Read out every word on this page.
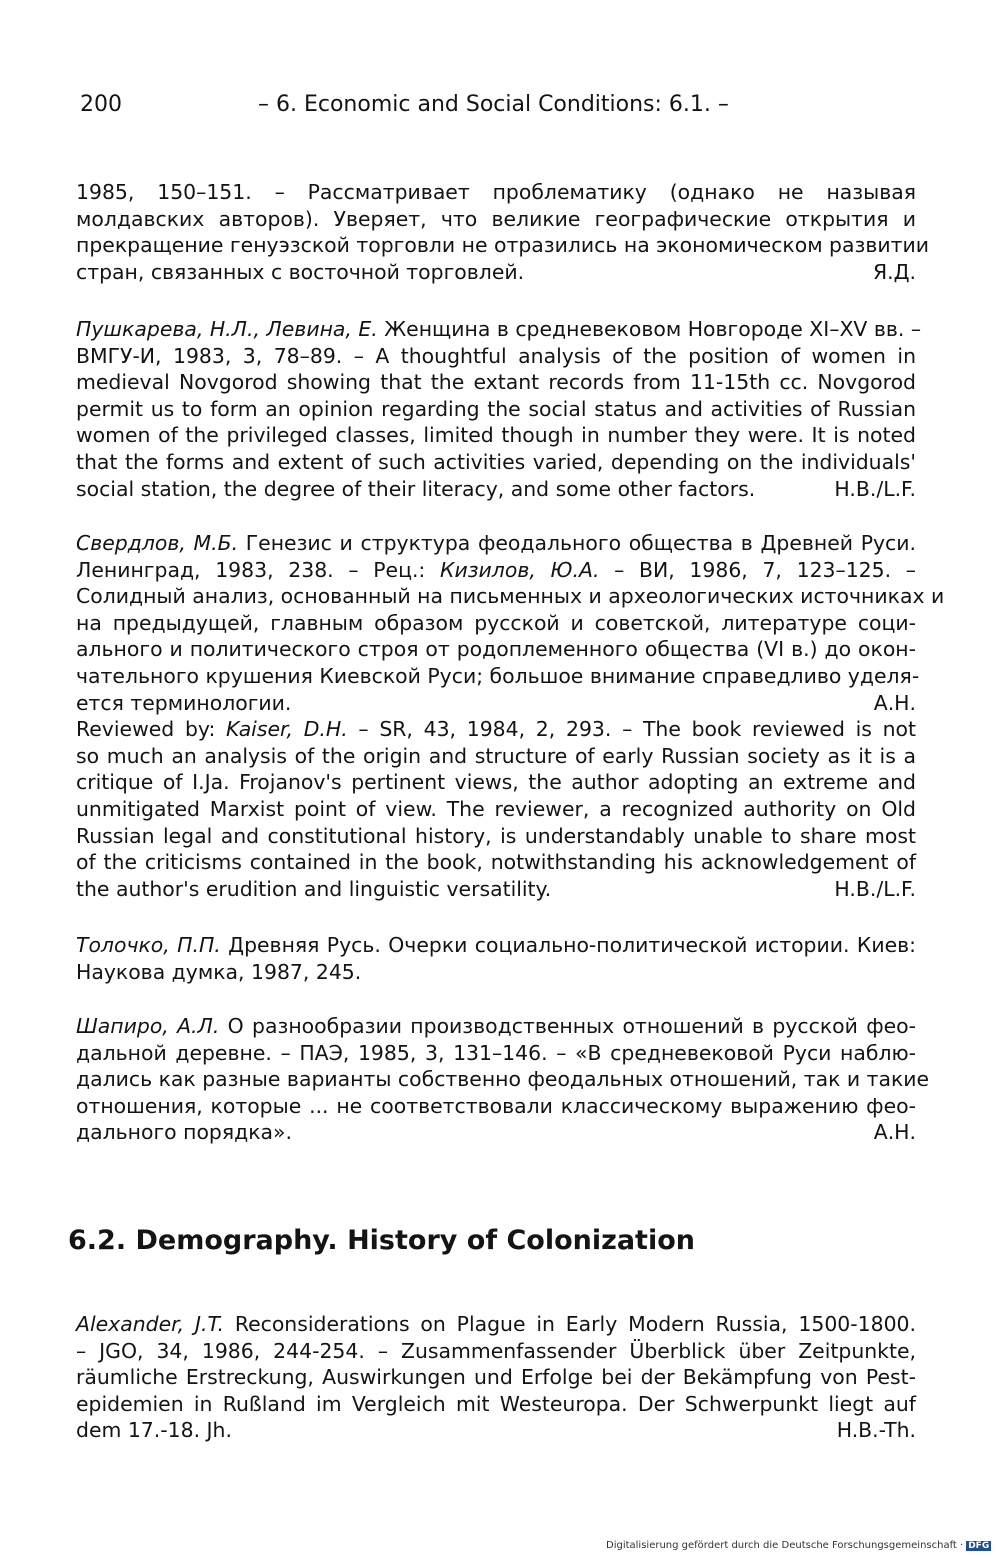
200	– 6. Economic and Social Conditions: 6.1. –
1985, 150–151. – Рассматривает проблематику (однако не называя
молдавских авторов). Уверяет, что великие географические открытия и
прекращение генуэзской торговли не отразились на экономическом развитии
стран, связанных с восточной торговлей.	Я.Д.
Пушкарева, Н.Л., Левина, Е. Женщина в средневековом Новгороде XI–XV вв. –
ВМГУ-И, 1983, 3, 78–89. – A thoughtful analysis of the position of women in
medieval Novgorod showing that the extant records from 11-15th cc. Novgorod
permit us to form an opinion regarding the social status and activities of Russian
women of the privileged classes, limited though in number they were. It is noted
that the forms and extent of such activities varied, depending on the individuals'
social station, the degree of their literacy, and some other factors.	H.B./L.F.
Свердлов, М.Б. Генезис и структура феодального общества в Древней Руси.
Ленинград, 1983, 238. – Рец.: Кизилов, Ю.А. – ВИ, 1986, 7, 123–125. –
Солидный анализ, основанный на письменных и археологических источниках и
на предыдущей, главным образом русской и советской, литературе соци-
ального и политического строя от родоплеменного общества (VI в.) до окон-
чательного крушения Киевской Руси; большое внимание справедливо уделя-
ется терминологии.	А.Н.
Reviewed by: Kaiser, D.H. – SR, 43, 1984, 2, 293. – The book reviewed is not
so much an analysis of the origin and structure of early Russian society as it is a
critique of I.Ja. Frojanov's pertinent views, the author adopting an extreme and
unmitigated Marxist point of view. The reviewer, a recognized authority on Old
Russian legal and constitutional history, is understandably unable to share most
of the criticisms contained in the book, notwithstanding his acknowledgement of
the author's erudition and linguistic versatility.	H.B./L.F.
Толочко, П.П. Древняя Русь. Очерки социально-политической истории. Киев:
Наукова думка, 1987, 245.
Шапиро, А.Л. О разнообразии производственных отношений в русской фео-
дальной деревне. – ПАЭ, 1985, 3, 131–146. – «В средневековой Руси наблю-
дались как разные варианты собственно феодальных отношений, так и такие
отношения, которые ... не соответствовали классическому выражению фео-
дального порядка».	А.Н.
6.2. Demography. History of Colonization
Alexander, J.T. Reconsiderations on Plague in Early Modern Russia, 1500-1800.
– JGO, 34, 1986, 244-254. – Zusammenfassender Überblick über Zeitpunkte,
räumliche Erstreckung, Auswirkungen und Erfolge bei der Bekämpfung von Pest-
epidemien in Rußland im Vergleich mit Westeuropa. Der Schwerpunkt liegt auf
dem 17.-18. Jh.	H.B.-Th.
Digitalisierung gefördert durch die Deutsche Forschungsgemeinschaft · DFG
